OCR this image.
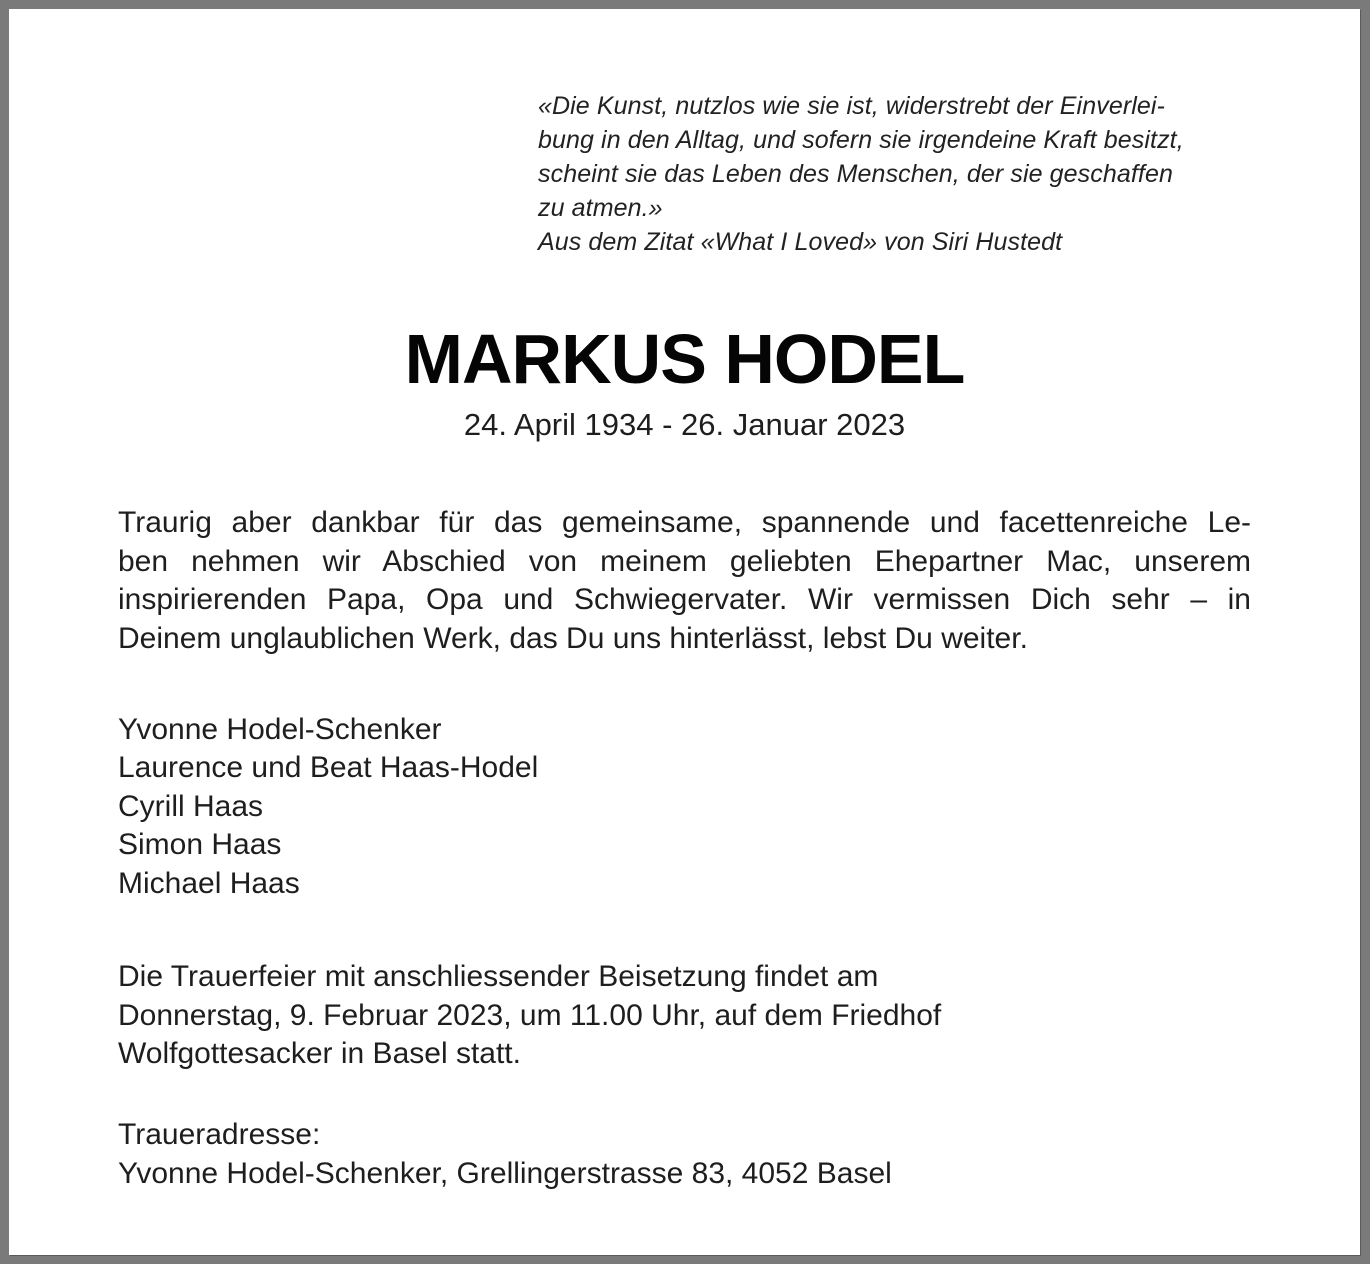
«Die Kunst, nutzlos wie sie ist, widerstrebt der Einverlei-
bung in den Alltag, und sofern sie irgendeine Kraft besitzt,
scheint sie das Leben des Menschen, der sie geschaffen
zu atmen.»
Aus dem Zitat «What I Loved» von Siri Hustedt
MARKUS HODEL
24. April 1934 - 26. Januar 2023
Traurig aber dankbar für das gemeinsame, spannende und facettenreiche Le-
ben nehmen wir Abschied von meinem geliebten Ehepartner Mac, unserem
inspirierenden Papa, Opa und Schwiegervater. Wir vermissen Dich sehr – in
Deinem unglaublichen Werk, das Du uns hinterlässt, lebst Du weiter.
Yvonne Hodel-Schenker
Laurence und Beat Haas-Hodel
Cyrill Haas
Simon Haas
Michael Haas
Die Trauerfeier mit anschliessender Beisetzung findet am
Donnerstag, 9. Februar 2023, um 11.00 Uhr, auf dem Friedhof
Wolfgottesacker in Basel statt.
Traueradresse:
Yvonne Hodel-Schenker, Grellingerstrasse 83, 4052 Basel
